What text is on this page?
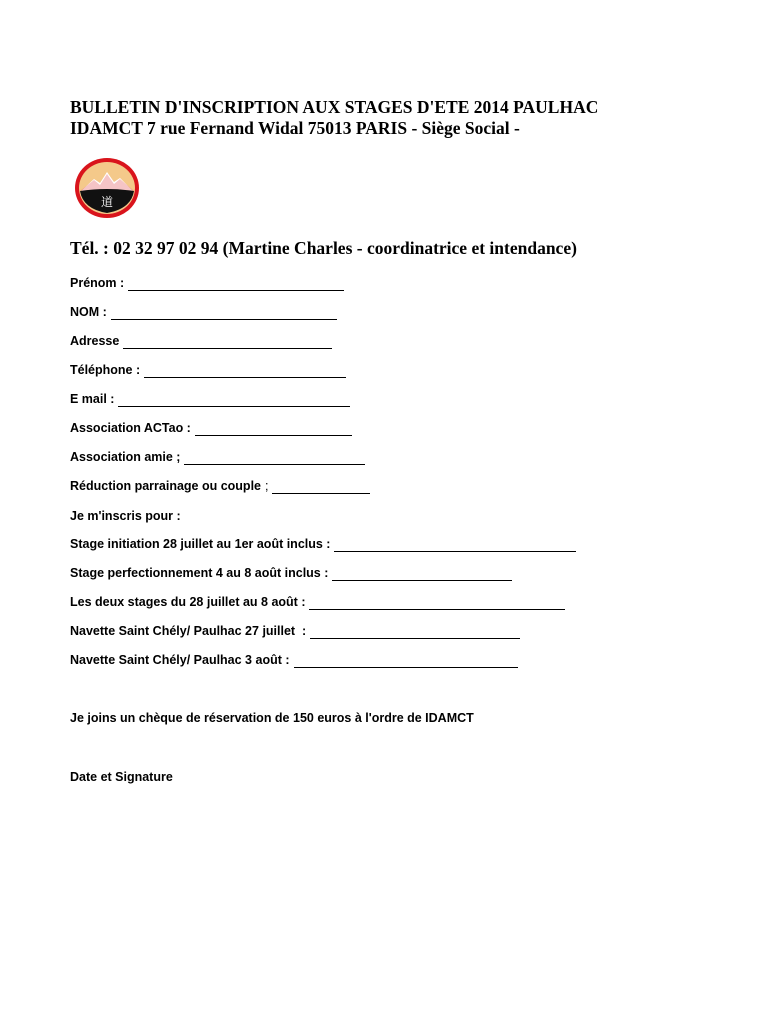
BULLETIN D'INSCRIPTION AUX STAGES D'ETE 2014 PAULHAC
IDAMCT 7 rue Fernand Widal 75013 PARIS - Siège Social -
道
Tél. : 02 32 97 02 94 (Martine Charles - coordinatrice et intendance)
Prénom :
NOM :
Adresse
Téléphone :
E mail :
Association ACTao :
Association amie ;
Réduction parrainage ou couple ;
Je m'inscris pour :
Stage initiation 28 juillet au 1er août inclus :
Stage perfectionnement 4 au 8 août inclus :
Les deux stages du 28 juillet au 8 août :
Navette Saint Chély/ Paulhac 27 juillet  :
Navette Saint Chély/ Paulhac 3 août :
Je joins un chèque de réservation de 150 euros à l'ordre de IDAMCT
Date et Signature
